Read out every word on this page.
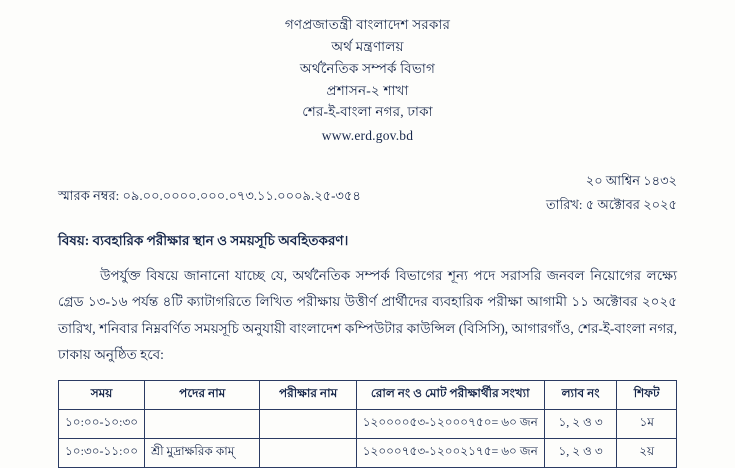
গণপ্রজাতন্ত্রী বাংলাদেশ সরকার
অর্থ মন্ত্রণালয়
অর্থনৈতিক সম্পর্ক বিভাগ
প্রশাসন-২ শাখা
শের-ই-বাংলা নগর, ঢাকা
www.erd.gov.bd
স্মারক নম্বর: ০৯.০০.০০০০.০০০.০৭৩.১১.০০০৯.২৫-৩৫৪
২০ আশ্বিন ১৪৩২
তারিখ: ৫ অক্টোবর ২০২৫
বিষয়: ব্যবহারিক পরীক্ষার স্থান ও সময়সূচি অবহিতকরণ।
উপর্যুক্ত বিষয়ে জানানো যাচ্ছে যে, অর্থনৈতিক সম্পর্ক বিভাগের শূন্য পদে সরাসরি জনবল নিয়োগের লক্ষ্যে গ্রেড ১৩-১৬ পর্যন্ত ৪টি ক্যাটাগরিতে লিখিত পরীক্ষায় উত্তীর্ণ প্রার্থীদের ব্যবহারিক পরীক্ষা আগামী ১১ অক্টোবর ২০২৫ তারিখ, শনিবার নিম্নবর্ণিত সময়সূচি অনুযায়ী বাংলাদেশ কম্পিউটার কাউন্সিল (বিসিসি), আগারগাঁও, শের-ই-বাংলা নগর, ঢাকায় অনুষ্ঠিত হবে:
সময়	পদের নাম	পরীক্ষার নাম	রোল নং ও মোট পরীক্ষার্থীর সংখ্যা	ল্যাব নং	শিফট
১০:০০-১০:৩০			১২০০০০৫৩-১২০০০৭৫০= ৬০ জন	১, ২ ও ৩	১ম
১০:৩০-১১:০০	শ্রী মুদ্রাক্ষরিক কাম্		১২০০০৭৫৩-১২০০২১৭৫= ৬০ জন	১, ২ ও ৩	২য়
